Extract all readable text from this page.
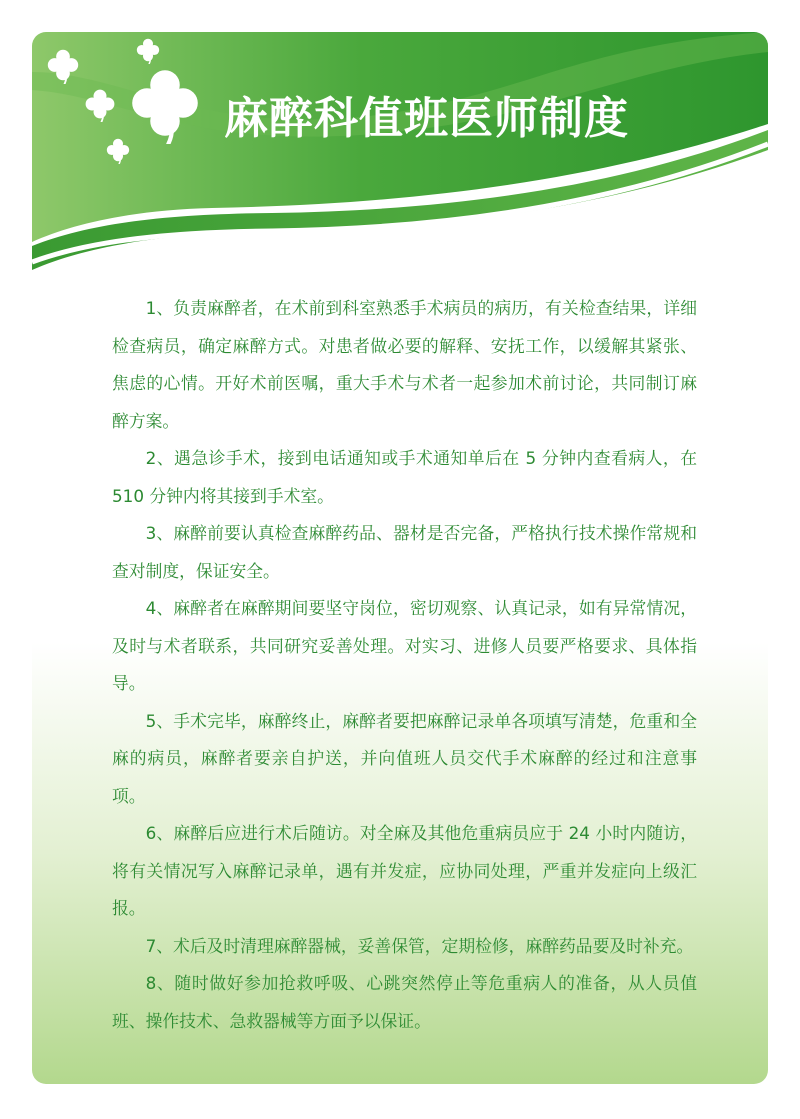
麻醉科值班医师制度

1、负责麻醉者，在术前到科室熟悉手术病员的病历，有关检查结果，详细检查病员，确定麻醉方式。对患者做必要的解释、安抚工作，以缓解其紧张、焦虑的心情。开好术前医嘱，重大手术与术者一起参加术前讨论，共同制订麻醉方案。

2、遇急诊手术，接到电话通知或手术通知单后在 5 分钟内查看病人，在 510 分钟内将其接到手术室。

3、麻醉前要认真检查麻醉药品、器材是否完备，严格执行技术操作常规和查对制度，保证安全。

4、麻醉者在麻醉期间要坚守岗位，密切观察、认真记录，如有异常情况，及时与术者联系，共同研究妥善处理。对实习、进修人员要严格要求、具体指导。

5、手术完毕，麻醉终止，麻醉者要把麻醉记录单各项填写清楚，危重和全麻的病员，麻醉者要亲自护送，并向值班人员交代手术麻醉的经过和注意事项。

6、麻醉后应进行术后随访。对全麻及其他危重病员应于 24 小时内随访，将有关情况写入麻醉记录单，遇有并发症，应协同处理，严重并发症向上级汇报。

7、术后及时清理麻醉器械，妥善保管，定期检修，麻醉药品要及时补充。

8、随时做好参加抢救呼吸、心跳突然停止等危重病人的准备，从人员值班、操作技术、急救器械等方面予以保证。
